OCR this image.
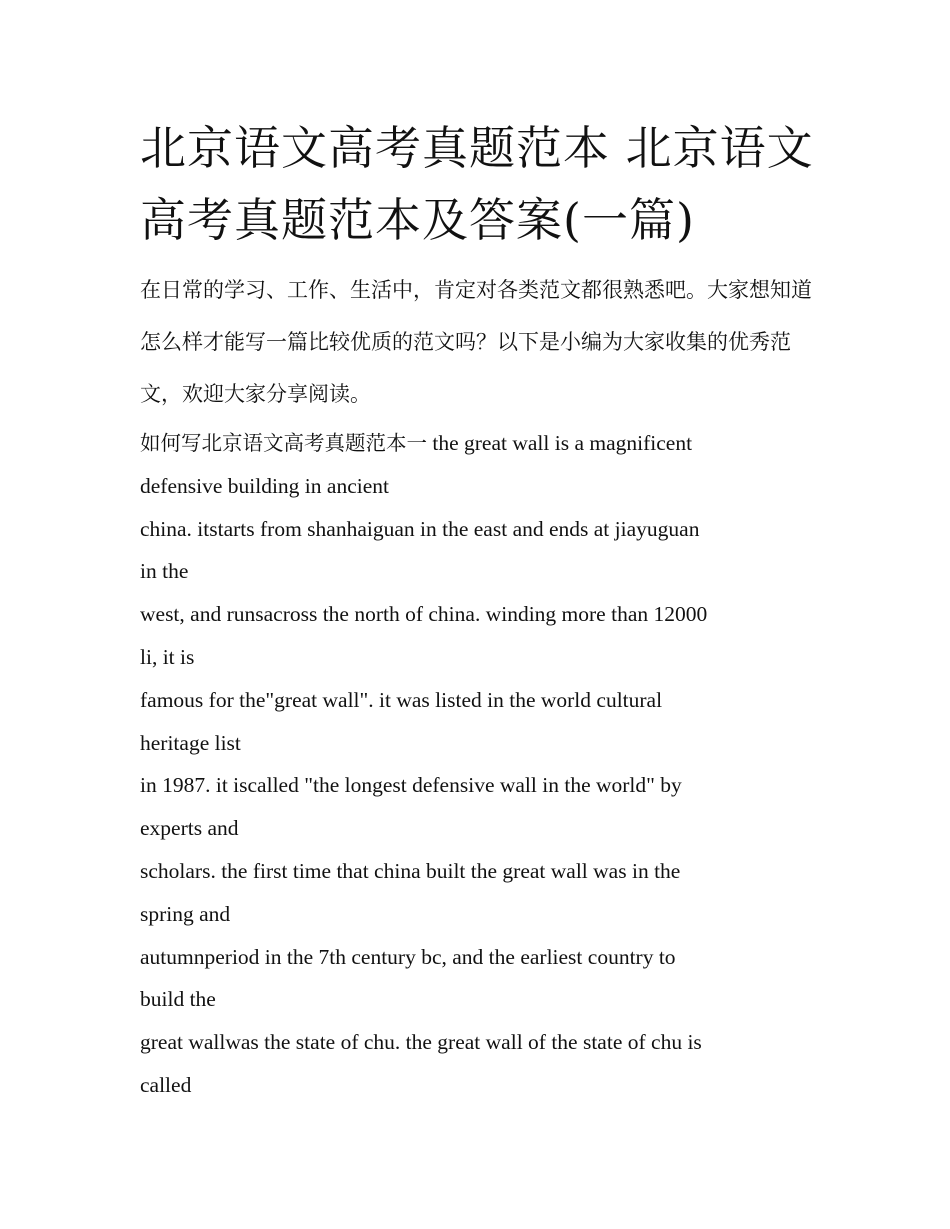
北京语文高考真题范本 北京语文高考真题范本及答案(一篇)

在日常的学习、工作、生活中，肯定对各类范文都很熟悉吧。大家想知道怎么样才能写一篇比较优质的范文吗？以下是小编为大家收集的优秀范文，欢迎大家分享阅读。

如何写北京语文高考真题范本一 the great wall is a magnificent
defensive building in ancient
china. itstarts from shanhaiguan in the east and ends at jiayuguan
in the
west, and runsacross the north of china. winding more than 12000
li, it is
famous for the"great wall". it was listed in the world cultural
heritage list
in 1987. it iscalled "the longest defensive wall in the world" by
experts and
scholars. the first time that china built the great wall was in the
spring and
autumnperiod in the 7th century bc, and the earliest country to
build the
great wallwas the state of chu. the great wall of the state of chu is
called
